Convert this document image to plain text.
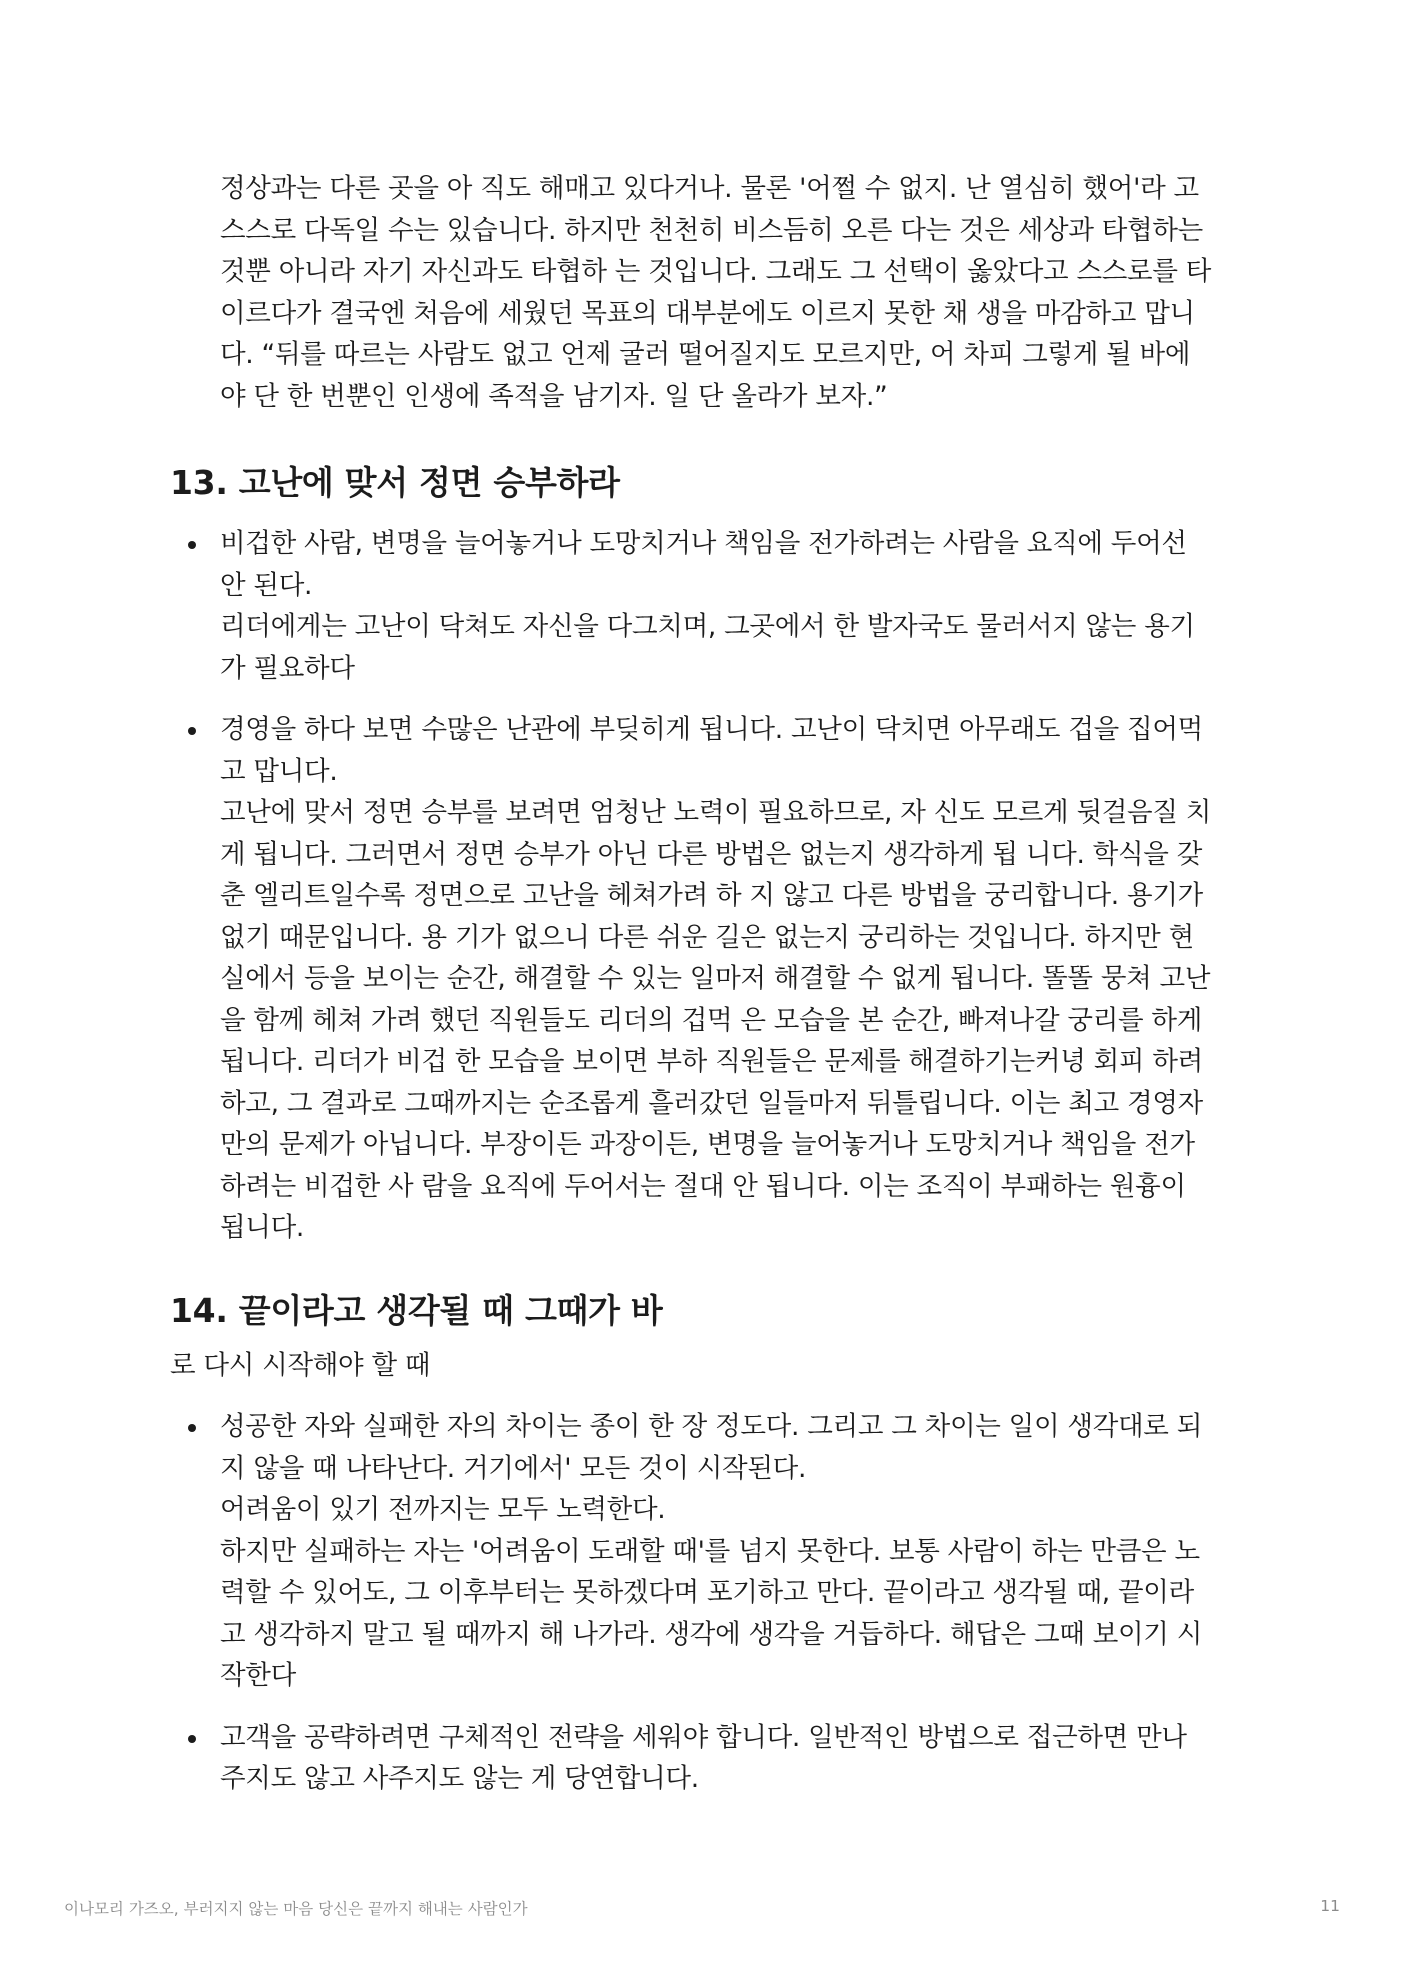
정상과는 다른 곳을 아 직도 해매고 있다거나. 물론 '어쩔 수 없지. 난 열심히 했어'라 고
스스로 다독일 수는 있습니다. 하지만 천천히 비스듬히 오른 다는 것은 세상과 타협하는
것뿐 아니라 자기 자신과도 타협하 는 것입니다. 그래도 그 선택이 옳았다고 스스로를 타
이르다가 결국엔 처음에 세웠던 목표의 대부분에도 이르지 못한 채 생을 마감하고 맙니
다. “뒤를 따르는 사람도 없고 언제 굴러 떨어질지도 모르지만, 어 차피 그렇게 될 바에
야 단 한 번뿐인 인생에 족적을 남기자. 일 단 올라가 보자.”

13. 고난에 맞서 정면 승부하라
비겁한 사람, 변명을 늘어놓거나 도망치거나 책임을 전가하려는 사람을 요직에 두어선
안 된다.
리더에게는 고난이 닥쳐도 자신을 다그치며, 그곳에서 한 발자국도 물러서지 않는 용기
가 필요하다
경영을 하다 보면 수많은 난관에 부딪히게 됩니다. 고난이 닥치면 아무래도 겁을 집어먹
고 맙니다.
고난에 맞서 정면 승부를 보려면 엄청난 노력이 필요하므로, 자 신도 모르게 뒷걸음질 치
게 됩니다. 그러면서 정면 승부가 아닌 다른 방법은 없는지 생각하게 됩 니다. 학식을 갖
춘 엘리트일수록 정면으로 고난을 헤쳐가려 하 지 않고 다른 방법을 궁리합니다. 용기가
없기 때문입니다. 용 기가 없으니 다른 쉬운 길은 없는지 궁리하는 것입니다. 하지만 현
실에서 등을 보이는 순간, 해결할 수 있는 일마저 해결할 수 없게 됩니다. 똘똘 뭉쳐 고난
을 함께 헤쳐 가려 했던 직원들도 리더의 겁먹 은 모습을 본 순간, 빠져나갈 궁리를 하게
됩니다. 리더가 비겁 한 모습을 보이면 부하 직원들은 문제를 해결하기는커녕 회피 하려
하고, 그 결과로 그때까지는 순조롭게 흘러갔던 일들마저 뒤틀립니다. 이는 최고 경영자
만의 문제가 아닙니다. 부장이든 과장이든, 변명을 늘어놓거나 도망치거나 책임을 전가
하려는 비겁한 사 람을 요직에 두어서는 절대 안 됩니다. 이는 조직이 부패하는 원흉이
됩니다.
14. 끝이라고 생각될 때 그때가 바

로 다시 시작해야 할 때

성공한 자와 실패한 자의 차이는 종이 한 장 정도다. 그리고 그 차이는 일이 생각대로 되
지 않을 때 나타난다. 거기에서' 모든 것이 시작된다.
어려움이 있기 전까지는 모두 노력한다.
하지만 실패하는 자는 '어려움이 도래할 때'를 넘지 못한다. 보통 사람이 하는 만큼은 노
력할 수 있어도, 그 이후부터는 못하겠다며 포기하고 만다. 끝이라고 생각될 때, 끝이라
고 생각하지 말고 될 때까지 해 나가라. 생각에 생각을 거듭하다. 해답은 그때 보이기 시
작한다
고객을 공략하려면 구체적인 전략을 세워야 합니다. 일반적인 방법으로 접근하면 만나
주지도 않고 사주지도 않는 게 당연합니다.
이나모리 가즈오, 부러지지 않는 마음 당신은 끝까지 해내는 사람인가	11
